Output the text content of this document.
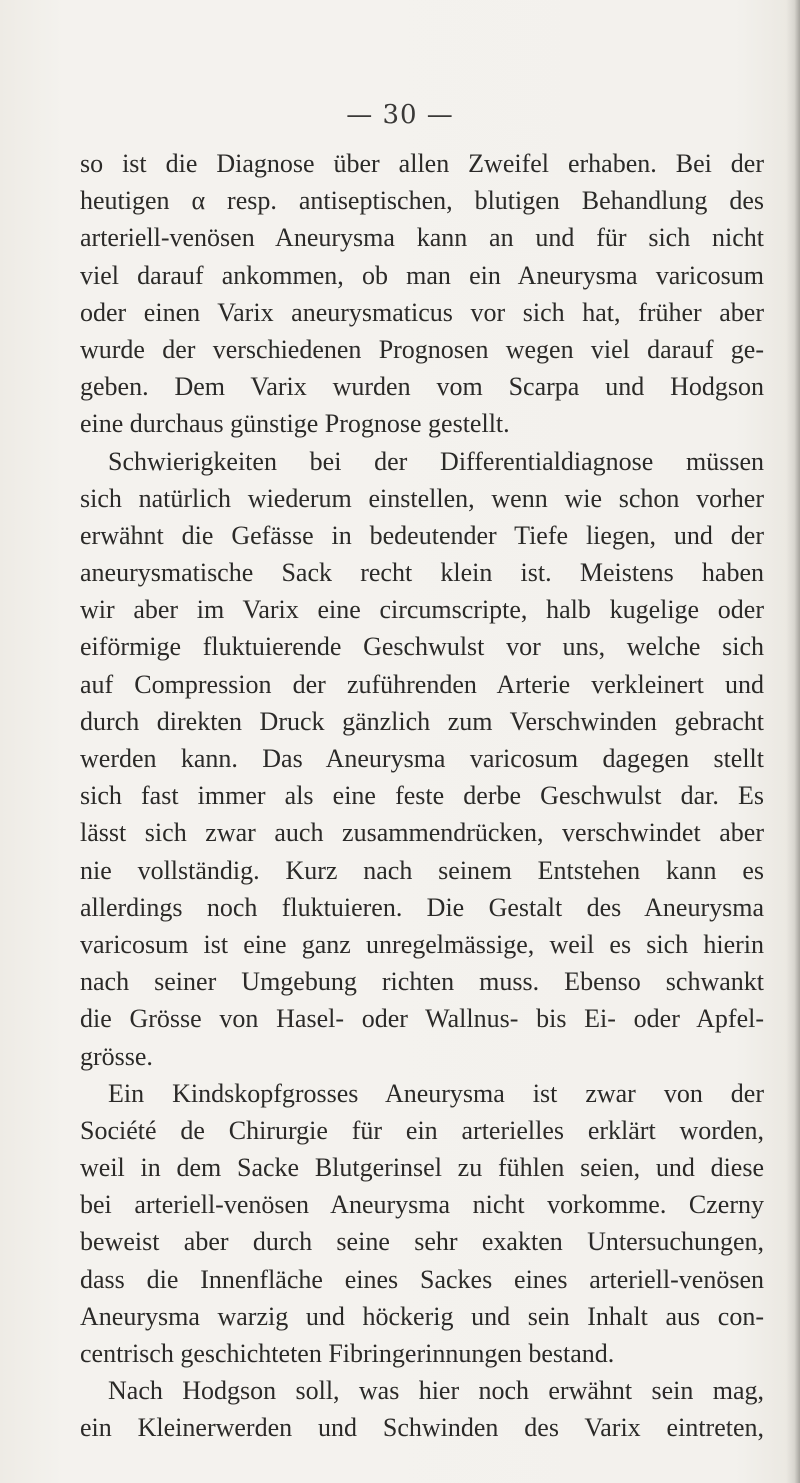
— 30 —
so ist die Diagnose über allen Zweifel erhaben. Bei der
heutigen α resp. antiseptischen, blutigen Behandlung des
arteriell-venösen Aneurysma kann an und für sich nicht
viel darauf ankommen, ob man ein Aneurysma varicosum
oder einen Varix aneurysmaticus vor sich hat, früher aber
wurde der verschiedenen Prognosen wegen viel darauf ge-
geben. Dem Varix wurden vom Scarpa und Hodgson
eine durchaus günstige Prognose gestellt.
Schwierigkeiten bei der Differentialdiagnose müssen
sich natürlich wiederum einstellen, wenn wie schon vorher
erwähnt die Gefässe in bedeutender Tiefe liegen, und der
aneurysmatische Sack recht klein ist. Meistens haben
wir aber im Varix eine circumscripte, halb kugelige oder
eiförmige fluktuierende Geschwulst vor uns, welche sich
auf Compression der zuführenden Arterie verkleinert und
durch direkten Druck gänzlich zum Verschwinden gebracht
werden kann. Das Aneurysma varicosum dagegen stellt
sich fast immer als eine feste derbe Geschwulst dar. Es
lässt sich zwar auch zusammendrücken, verschwindet aber
nie vollständig. Kurz nach seinem Entstehen kann es
allerdings noch fluktuieren. Die Gestalt des Aneurysma
varicosum ist eine ganz unregelmässige, weil es sich hierin
nach seiner Umgebung richten muss. Ebenso schwankt
die Grösse von Hasel- oder Wallnus- bis Ei- oder Apfel-
grösse.
Ein Kindskopfgrosses Aneurysma ist zwar von der
Société de Chirurgie für ein arterielles erklärt worden,
weil in dem Sacke Blutgerinsel zu fühlen seien, und diese
bei arteriell-venösen Aneurysma nicht vorkomme. Czerny
beweist aber durch seine sehr exakten Untersuchungen,
dass die Innenfläche eines Sackes eines arteriell-venösen
Aneurysma warzig und höckerig und sein Inhalt aus con-
centrisch geschichteten Fibringerinnungen bestand.
Nach Hodgson soll, was hier noch erwähnt sein mag,
ein Kleinerwerden und Schwinden des Varix eintreten,
